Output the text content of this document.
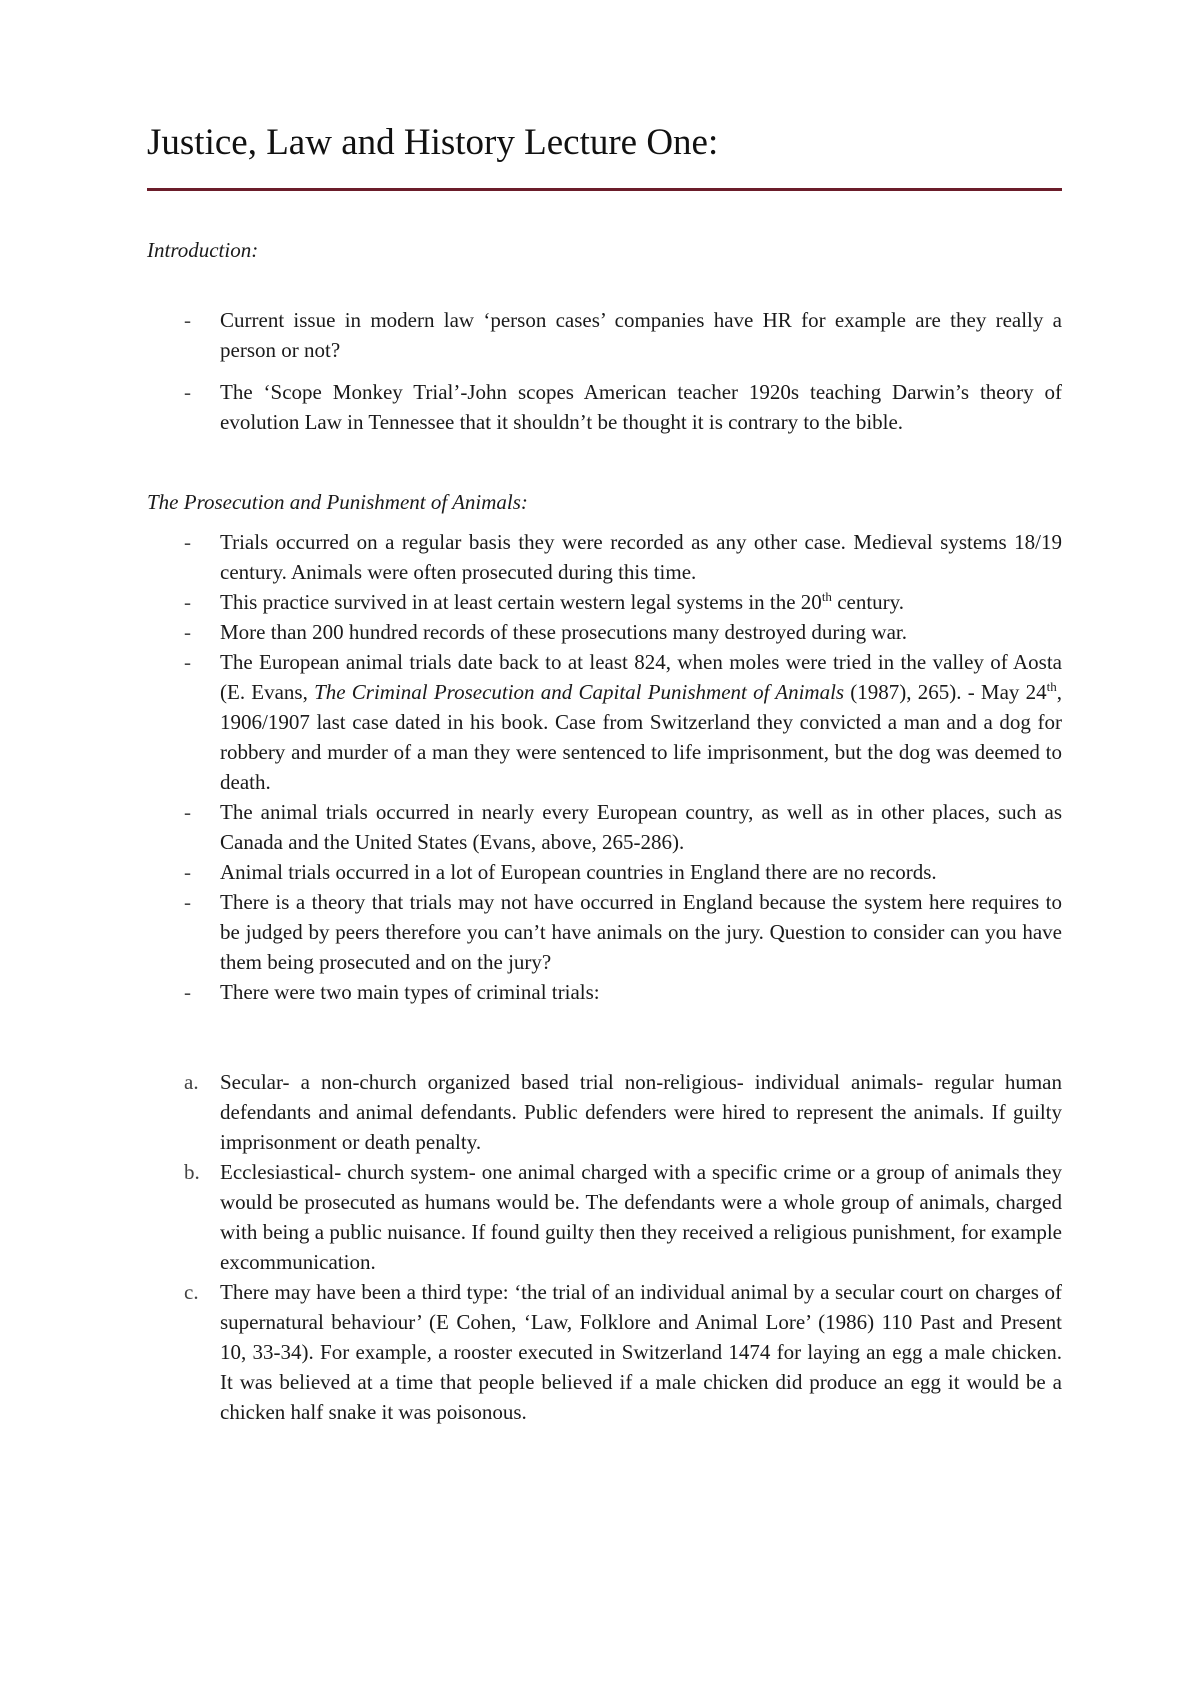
Justice, Law and History Lecture One:
Introduction:
- Current issue in modern law ‘person cases’ companies have HR for example are they really a person or not?
- The ‘Scope Monkey Trial’-John scopes American teacher 1920s teaching Darwin’s theory of evolution Law in Tennessee that it shouldn’t be thought it is contrary to the bible.
The Prosecution and Punishment of Animals:
- Trials occurred on a regular basis they were recorded as any other case. Medieval systems 18/19 century. Animals were often prosecuted during this time.
- This practice survived in at least certain western legal systems in the 20th century.
- More than 200 hundred records of these prosecutions many destroyed during war.
- The European animal trials date back to at least 824, when moles were tried in the valley of Aosta (E. Evans, The Criminal Prosecution and Capital Punishment of Animals (1987), 265). - May 24th, 1906/1907 last case dated in his book. Case from Switzerland they convicted a man and a dog for robbery and murder of a man they were sentenced to life imprisonment, but the dog was deemed to death.
- The animal trials occurred in nearly every European country, as well as in other places, such as Canada and the United States (Evans, above, 265-286).
- Animal trials occurred in a lot of European countries in England there are no records.
- There is a theory that trials may not have occurred in England because the system here requires to be judged by peers therefore you can’t have animals on the jury. Question to consider can you have them being prosecuted and on the jury?
- There were two main types of criminal trials:
a. Secular- a non-church organized based trial non-religious- individual animals- regular human defendants and animal defendants. Public defenders were hired to represent the animals. If guilty imprisonment or death penalty.
b. Ecclesiastical- church system- one animal charged with a specific crime or a group of animals they would be prosecuted as humans would be. The defendants were a whole group of animals, charged with being a public nuisance. If found guilty then they received a religious punishment, for example excommunication.
c. There may have been a third type: ‘the trial of an individual animal by a secular court on charges of supernatural behaviour’ (E Cohen, ‘Law, Folklore and Animal Lore’ (1986) 110 Past and Present 10, 33-34). For example, a rooster executed in Switzerland 1474 for laying an egg a male chicken. It was believed at a time that people believed if a male chicken did produce an egg it would be a chicken half snake it was poisonous.
